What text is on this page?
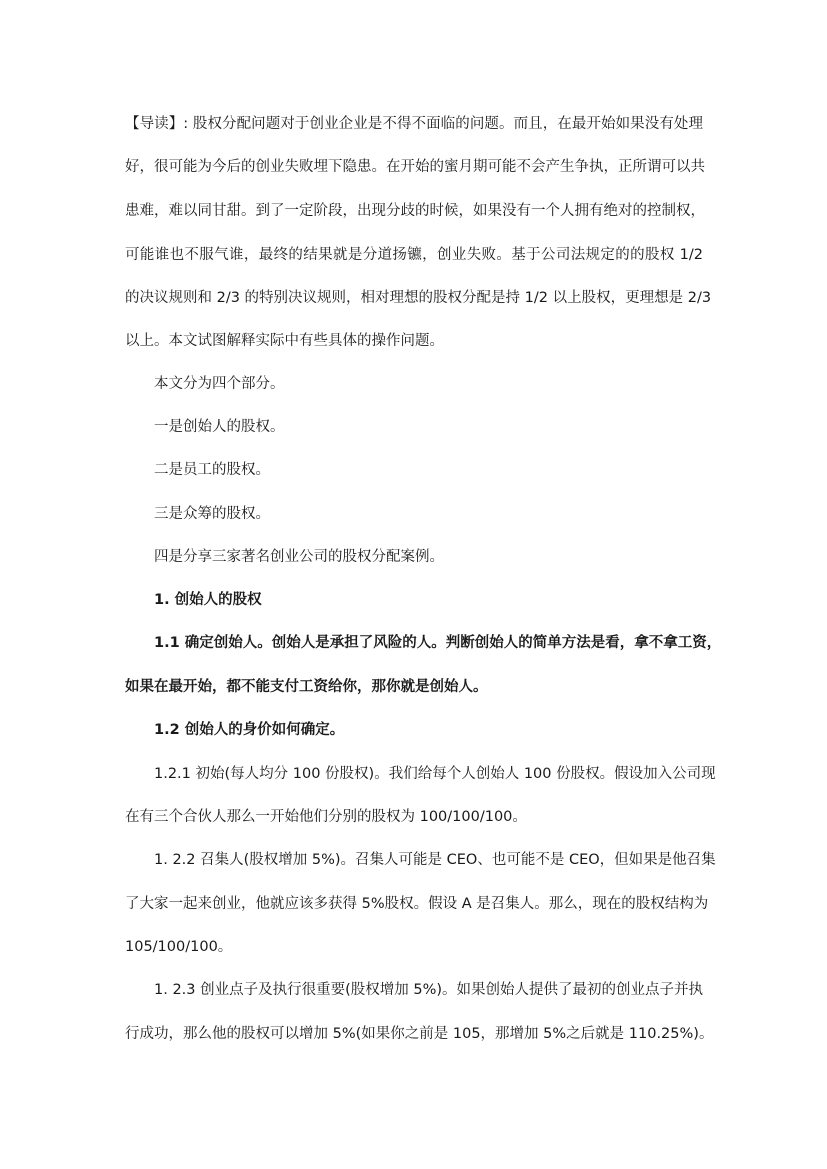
【导读】: 股权分配问题对于创业企业是不得不面临的问题。而且，在最开始如果没有处理
好，很可能为今后的创业失败埋下隐患。在开始的蜜月期可能不会产生争执，正所谓可以共
患难，难以同甘甜。到了一定阶段，出现分歧的时候，如果没有一个人拥有绝对的控制权，
可能谁也不服气谁，最终的结果就是分道扬镳，创业失败。基于公司法规定的的股权 1/2
的决议规则和 2/3 的特别决议规则，相对理想的股权分配是持 1/2 以上股权，更理想是 2/3
以上。本文试图解释实际中有些具体的操作问题。
本文分为四个部分。
一是创始人的股权。
二是员工的股权。
三是众筹的股权。
四是分享三家著名创业公司的股权分配案例。
1. 创始人的股权
1.1 确定创始人。创始人是承担了风险的人。判断创始人的简单方法是看，拿不拿工资，
如果在最开始，都不能支付工资给你，那你就是创始人。
1.2 创始人的身价如何确定。
1.2.1 初始(每人均分 100 份股权)。我们给每个人创始人 100 份股权。假设加入公司现
在有三个合伙人那么一开始他们分别的股权为 100/100/100。
1. 2.2 召集人(股权增加 5%)。召集人可能是 CEO、也可能不是 CEO，但如果是他召集
了大家一起来创业，他就应该多获得 5%股权。假设 A 是召集人。那么，现在的股权结构为
105/100/100。
1. 2.3 创业点子及执行很重要(股权增加 5%)。如果创始人提供了最初的创业点子并执
行成功，那么他的股权可以增加 5%(如果你之前是 105，那增加 5%之后就是 110.25%)。
